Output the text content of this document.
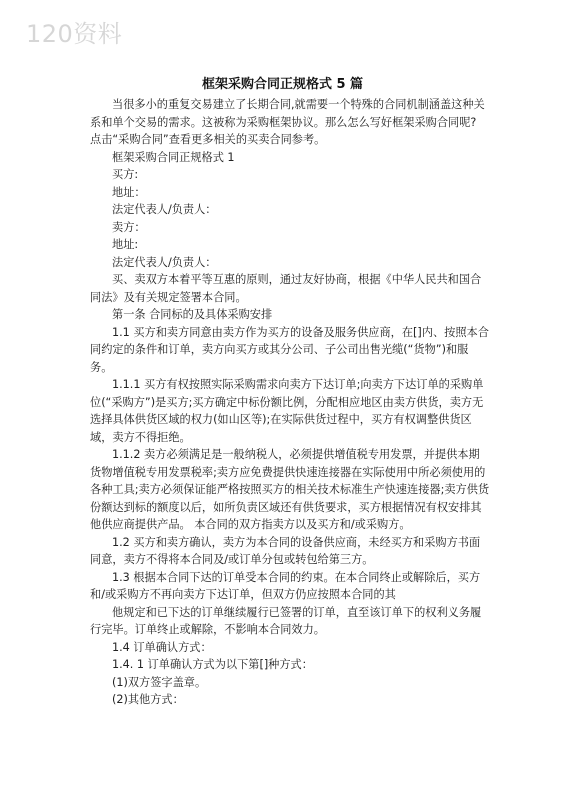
120资料
框架采购合同正规格式 5 篇

当很多小的重复交易建立了长期合同,就需要一个特殊的合同机制涵盖这种关系和单个交易的需求。这被称为采购框架协议。那么怎么写好框架采购合同呢? 点击“采购合同”查看更多相关的买卖合同参考。

框架采购合同正规格式 1

买方:

地址：

法定代表人/负责人：

卖方：

地址:

法定代表人/负责人：

买、卖双方本着平等互惠的原则，通过友好协商，根据《中华人民共和国合同法》及有关规定签署本合同。

第一条 合同标的及具体采购安排

1.1 买方和卖方同意由卖方作为买方的设备及服务供应商，在[]内、按照本合同约定的条件和订单，卖方向买方或其分公司、子公司出售光缆(“货物”)和服务。

1.1.1 买方有权按照实际采购需求向卖方下达订单;向卖方下达订单的采购单位(“采购方”)是买方;买方确定中标份额比例，分配相应地区由卖方供货，卖方无选择具体供货区域的权力(如山区等);在实际供货过程中，买方有权调整供货区域，卖方不得拒绝。

1.1.2 卖方必须满足是一般纳税人，必须提供增值税专用发票，并提供本期货物增值税专用发票税率;卖方应免费提供快速连接器在实际使用中所必须使用的各种工具;卖方必须保证能严格按照买方的相关技术标准生产快速连接器;卖方供货份额达到标的额度以后，如所负责区域还有供货要求，买方根据情况有权安排其他供应商提供产品。 本合同的双方指卖方以及买方和/或采购方。

1.2 买方和卖方确认，卖方为本合同的设备供应商，未经买方和采购方书面同意，卖方不得将本合同及/或订单分包或转包给第三方。

1.3 根据本合同下达的订单受本合同的约束。在本合同终止或解除后，买方和/或采购方不再向卖方下达订单，但双方仍应按照本合同的其

他规定和已下达的订单继续履行已签署的订单，直至该订单下的权利义务履行完毕。订单终止或解除，不影响本合同效力。

1.4 订单确认方式：

1.4. 1 订单确认方式为以下第[]种方式：

(1)双方签字盖章。

(2)其他方式：
